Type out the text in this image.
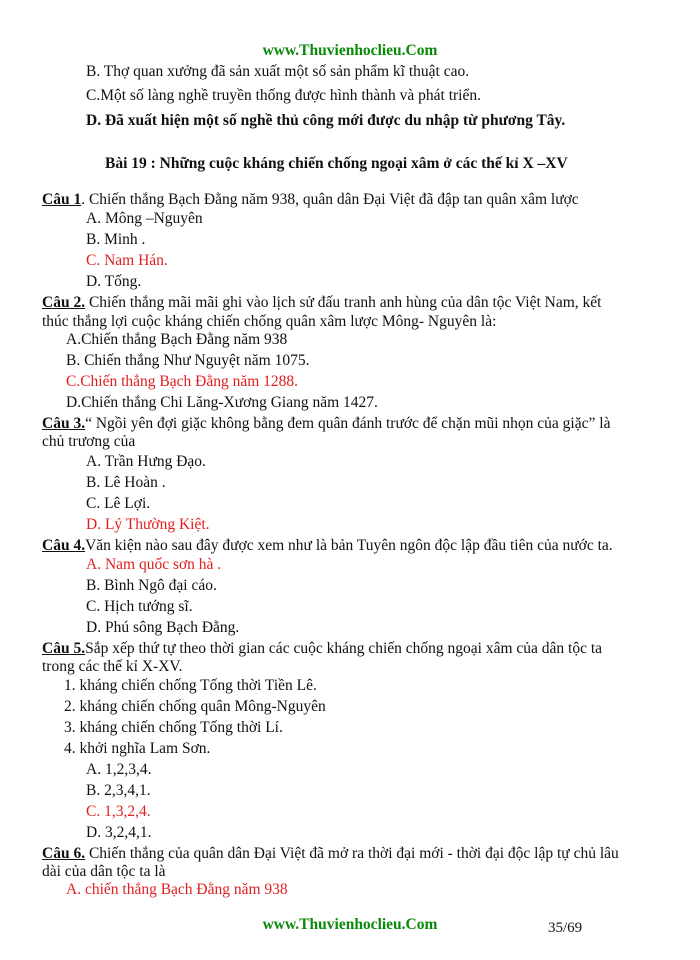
www.Thuvienhoclieu.Com
B. Thợ quan xưởng đã sản xuất một số sản phẩm kĩ thuật cao.
C.Một số làng nghề truyền thống được hình thành và phát triển.
D. Đã xuất hiện một số nghề thủ công mới được du nhập từ phương Tây.
Bài 19 : Những cuộc kháng chiến chống ngoại xâm ở các thế kỉ X –XV
Câu 1. Chiến thắng Bạch Đằng năm 938, quân dân Đại Việt đã đập tan quân xâm lược
A. Mông –Nguyên
B. Minh .
C. Nam Hán.
D. Tống.
Câu 2. Chiến thắng mãi mãi ghi vào lịch sử đấu tranh anh hùng của dân tộc Việt Nam, kết
thúc thắng lợi cuộc kháng chiến chống quân xâm lược Mông- Nguyên là:
A.Chiến thắng Bạch Đằng năm 938
B. Chiến thắng Như Nguyệt năm 1075.
C.Chiến thắng Bạch Đằng năm 1288.
D.Chiến thắng Chi Lăng-Xương Giang năm 1427.
Câu 3.“ Ngồi yên đợi giặc không bằng đem quân đánh trước để chặn mũi nhọn của giặc” là
chủ trương của
A. Trần Hưng Đạo.
B. Lê Hoàn .
C. Lê Lợi.
D. Lý Thường Kiệt.
Câu 4.Văn kiện nào sau đây được xem như là bản Tuyên ngôn độc lập đầu tiên của nước ta.
A. Nam quốc sơn hà .
B. Bình Ngô đại cáo.
C. Hịch tướng sĩ.
D. Phú sông Bạch Đằng.
Câu 5.Sắp xếp thứ tự theo thời gian các cuộc kháng chiến chống ngoại xâm của dân tộc ta
trong các thế kỉ X-XV.
1. kháng chiến chống Tống thời Tiền Lê.
2. kháng chiến chống quân Mông-Nguyên
3. kháng chiến chống Tống thời Lí.
4. khởi nghĩa Lam Sơn.
A. 1,2,3,4.
B. 2,3,4,1.
C. 1,3,2,4.
D. 3,2,4,1.
Câu 6. Chiến thắng của quân dân Đại Việt đã mở ra thời đại mới - thời đại độc lập tự chủ lâu
dài của dân tộc ta là
A. chiến thắng Bạch Đằng năm 938
www.Thuvienhoclieu.Com	35/69
